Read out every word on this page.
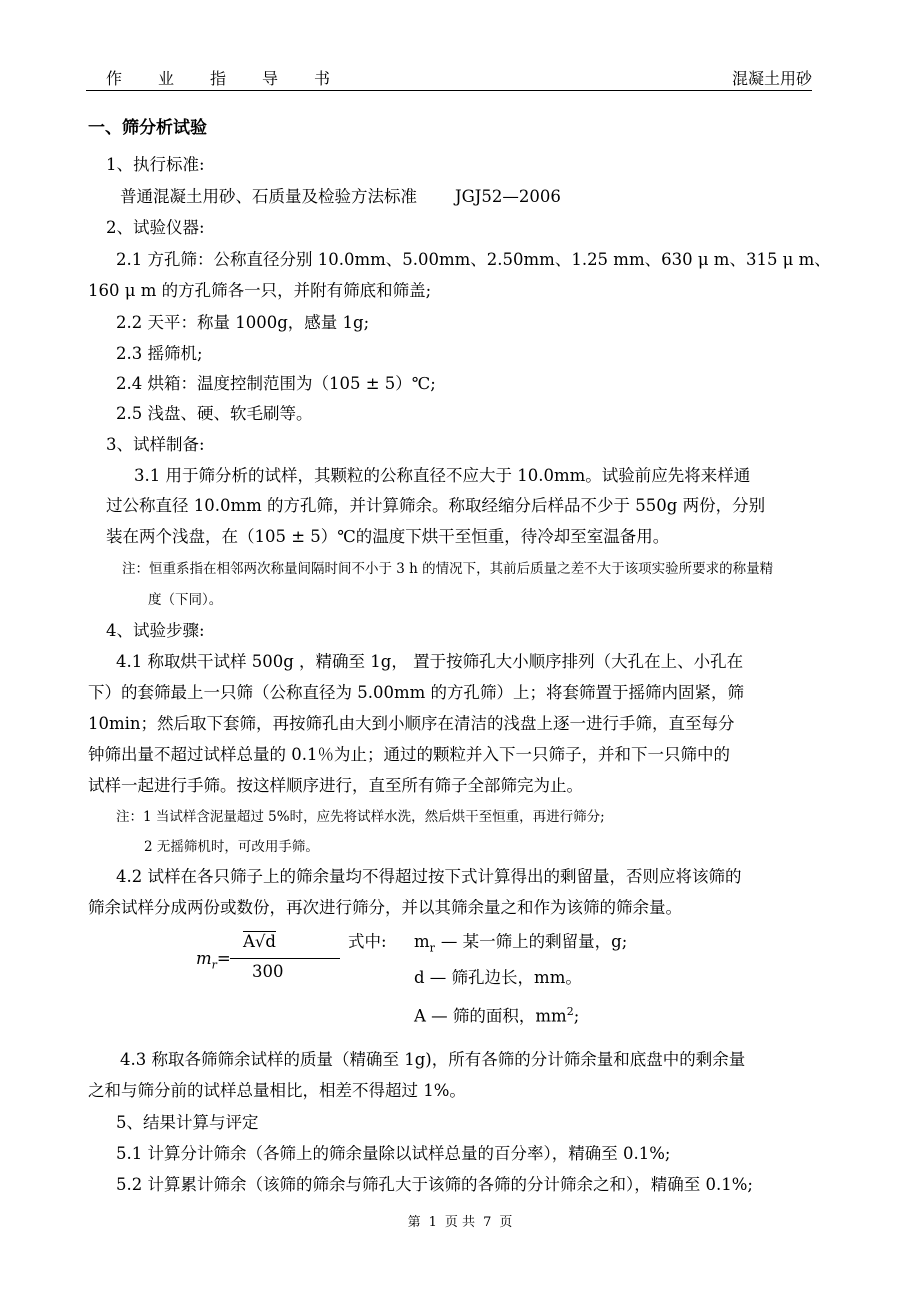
作 业 指 导 书	混凝土用砂
一、筛分析试验
1、执行标准:
普通混凝土用砂、石质量及检验方法标准 JGJ52—2006
2、试验仪器:
2.1 方孔筛：公称直径分别 10.0mm、5.00mm、2.50mm、1.25 mm、630 μ m、315 μ m、
160 μ m 的方孔筛各一只，并附有筛底和筛盖;
2.2 天平：称量 1000g，感量 1g;
2.3 摇筛机;
2.4 烘箱：温度控制范围为（105 ± 5）℃;
2.5 浅盘、硬、软毛刷等。
3、试样制备:
3.1 用于筛分析的试样，其颗粒的公称直径不应大于 10.0mm。试验前应先将来样通
过公称直径 10.0mm 的方孔筛，并计算筛余。称取经缩分后样品不少于 550g 两份，分别
装在两个浅盘，在（105 ± 5）℃的温度下烘干至恒重，待冷却至室温备用。
注：恒重系指在相邻两次称量间隔时间不小于 3 h 的情况下，其前后质量之差不大于该项实验所要求的称量精
度（下同）。
4、试验步骤:
4.1 称取烘干试样 500g ，精确至 1g， 置于按筛孔大小顺序排列（大孔在上、小孔在
下）的套筛最上一只筛（公称直径为 5.00mm 的方孔筛）上；将套筛置于摇筛内固紧，筛
10min；然后取下套筛，再按筛孔由大到小顺序在清洁的浅盘上逐一进行手筛，直至每分
钟筛出量不超过试样总量的 0.1％为止；通过的颗粒并入下一只筛子，并和下一只筛中的
试样一起进行手筛。按这样顺序进行，直至所有筛子全部筛完为止。
注：1 当试样含泥量超过 5%时，应先将试样水洗，然后烘干至恒重，再进行筛分;
2 无摇筛机时，可改用手筛。
4.2 试样在各只筛子上的筛余量均不得超过按下式计算得出的剩留量，否则应将该筛的
筛余试样分成两份或数份，再次进行筛分，并以其筛余量之和作为该筛的筛余量。
$m_r=$
A√d
300
式中: $m_r$ — 某一筛上的剩留量，g;
d — 筛孔边长，mm。
A — 筛的面积，$mm^2$;
4.3 称取各筛筛余试样的质量（精确至 1g)，所有各筛的分计筛余量和底盘中的剩余量
之和与筛分前的试样总量相比，相差不得超过 1%。
5、结果计算与评定
5.1 计算分计筛余（各筛上的筛余量除以试样总量的百分率），精确至 0.1%;
5.2 计算累计筛余（该筛的筛余与筛孔大于该筛的各筛的分计筛余之和），精确至 0.1%;
第 1 页 共 7 页
